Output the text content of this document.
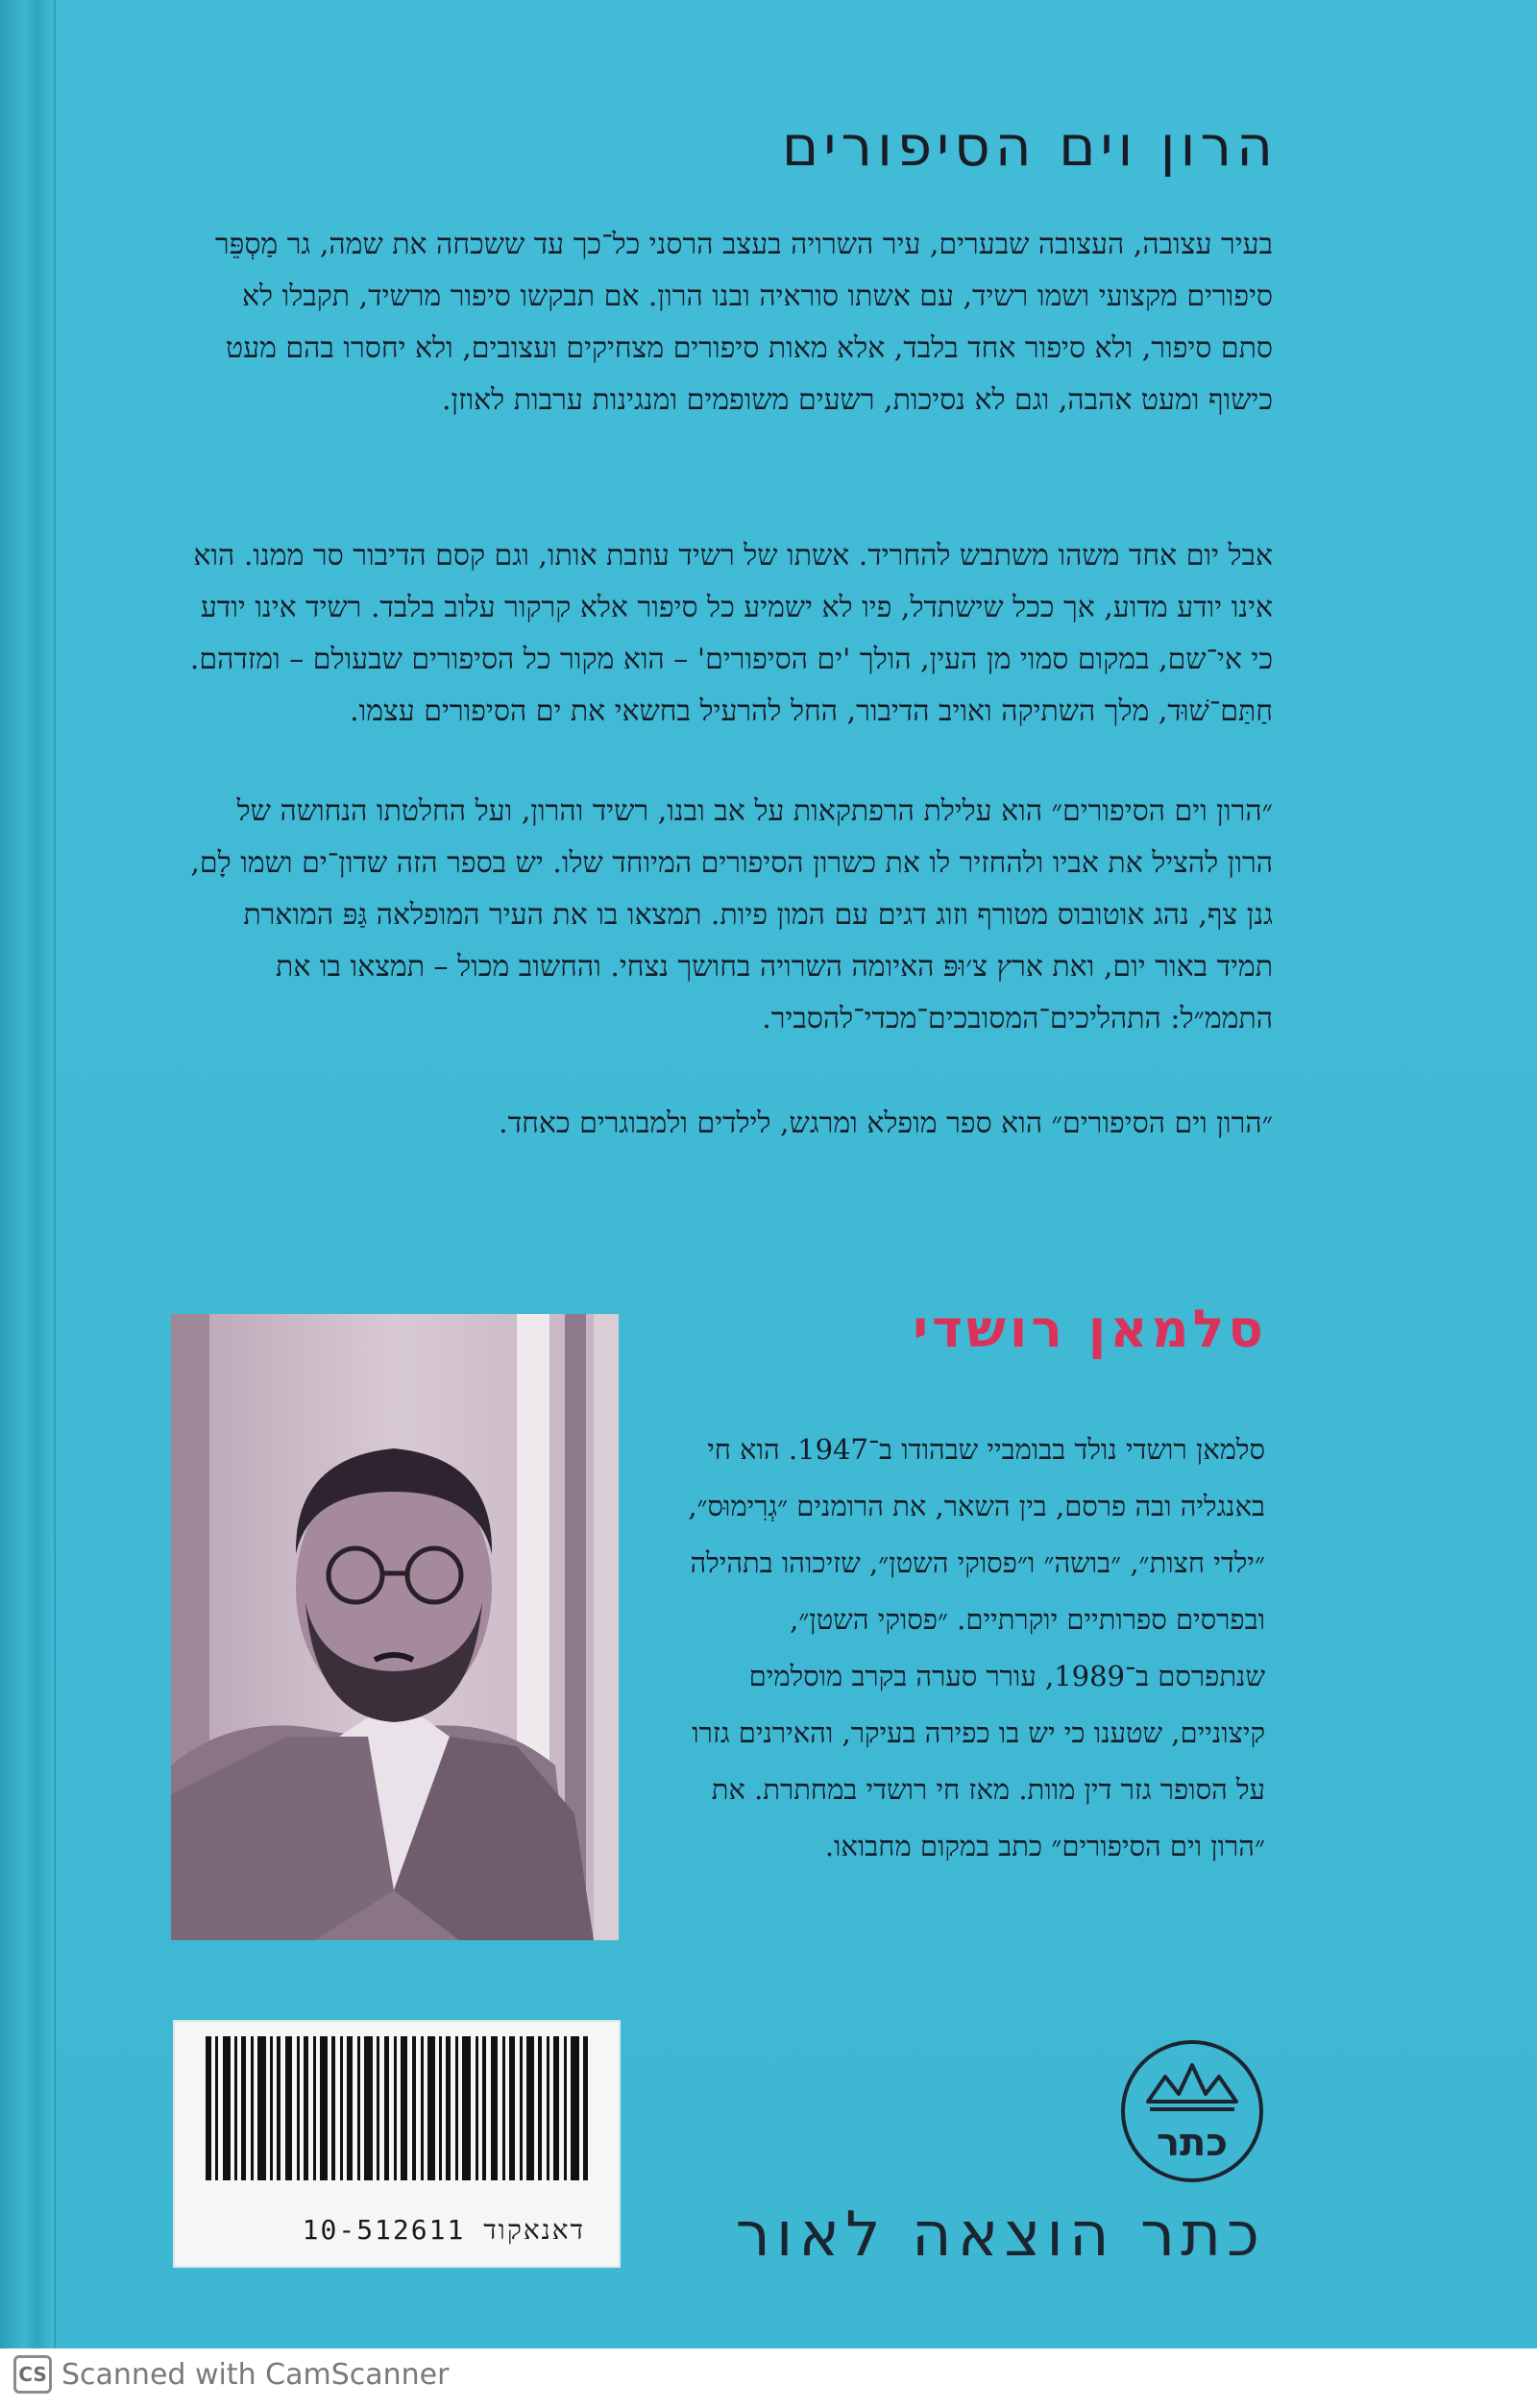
הרון וים הסיפורים

בעיר עצובה, העצובה שבערים, עיר השרויה בעצב הרסני כל־כך עד ששכחה את שמה, גר מַסְפֵּר סיפורים מקצועי ושמו רשיד, עם אשתו סוראיה ובנו הרון. אם תבקשו סיפור מרשיד, תקבלו לא סתם סיפור, ולא סיפור אחד בלבד, אלא מאות סיפורים מצחיקים ועצובים, ולא יחסרו בהם מעט כישוף ומעט אהבה, וגם לא נסיכות, רשעים משופמים ומנגינות ערבות לאוזן.

אבל יום אחד משהו משתבש להחריד. אשתו של רשיד עוזבת אותו, וגם קסם הדיבור סר ממנו. הוא אינו יודע מדוע, אך ככל שישתדל, פיו לא ישמיע כל סיפור אלא קרקור עלוב בלבד. רשיד אינו יודע כי אי־שם, במקום סמוי מן העין, הולך 'ים הסיפורים' – הוא מקור כל הסיפורים שבעולם – ומזדהם. חַתַּם־שׁוּד, מלך השתיקה ואויב הדיבור, החל להרעיל בחשאי את ים הסיפורים עצמו.

״הרון וים הסיפורים״ הוא עלילת הרפתקאות על אב ובנו, רשיד והרון, ועל החלטתו הנחושה של הרון להציל את אביו ולהחזיר לו את כשרון הסיפורים המיוחד שלו. יש בספר הזה שדון־ים ושמו לָם, גנן צף, נהג אוטובוס מטורף וזוג דגים עם המון פיות. תמצאו בו את העיר המופלאה גַּפּ המוארת תמיד באור יום, ואת ארץ צ׳וּפּ האיומה השרויה בחושך נצחי. והחשוב מכול – תמצאו בו את התממ״ל: התהליכים־המסובכים־מכדי־להסביר.

״הרון וים הסיפורים״ הוא ספר מופלא ומרגש, לילדים ולמבוגרים כאחד.

סלמאן רושדי

סלמאן רושדי נולד בבומביי שבהודו ב־1947. הוא חי באנגליה ובה פרסם, בין השאר, את הרומנים ״גְרִימוּס״, ״ילדי חצות״, ״בושה״ ו״פסוקי השטן״, שזיכוהו בתהילה ובפרסים ספרותיים יוקרתיים. ״פסוקי השטן״, שנתפרסם ב־1989, עורר סערה בקרב מוסלמים קיצוניים, שטענו כי יש בו כפירה בעיקר, והאירנים גזרו על הסופר גזר דין מוות. מאז חי רושדי במחתרת. את ״הרון וים הסיפורים״ כתב במקום מחבואו.

דאנאקוד 10-512611

כתר
כתר הוצאה לאור
CS Scanned with CamScanner
